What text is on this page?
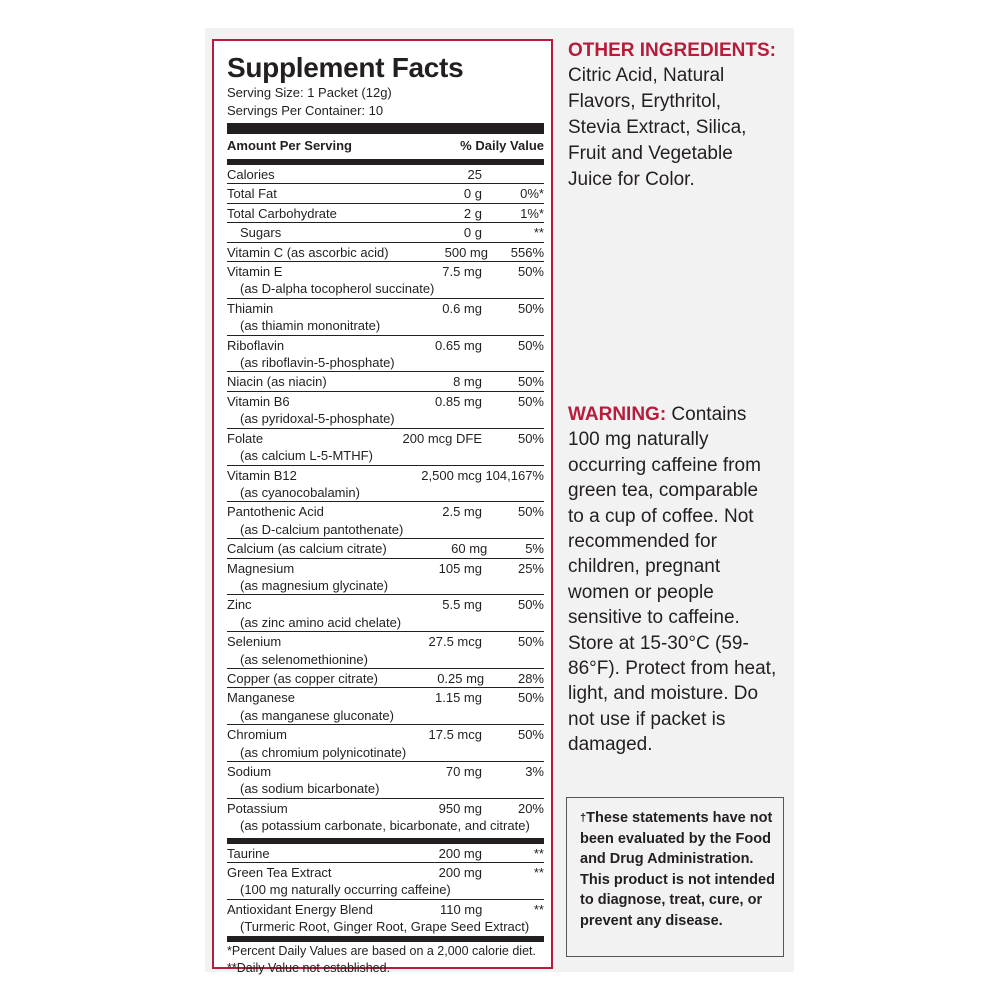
Supplement Facts
Serving Size: 1 Packet (12g)
Servings Per Container: 10
Amount Per Serving	% Daily Value
Calories	25
Total Fat	0 g	0%*
Total Carbohydrate	2 g	1%*
Sugars	0 g	**
Vitamin C (as ascorbic acid)	500 mg	556%
Vitamin E	7.5 mg	50%
(as D-alpha tocopherol succinate)
Thiamin	0.6 mg	50%
(as thiamin mononitrate)
Riboflavin	0.65 mg	50%
(as riboflavin-5-phosphate)
Niacin (as niacin)	8 mg	50%
Vitamin B6	0.85 mg	50%
(as pyridoxal-5-phosphate)
Folate	200 mcg DFE	50%
(as calcium L-5-MTHF)
Vitamin B12	2,500 mcg 104,167%
(as cyanocobalamin)
Pantothenic Acid	2.5 mg	50%
(as D-calcium pantothenate)
Calcium (as calcium citrate)	60 mg	5%
Magnesium	105 mg	25%
(as magnesium glycinate)
Zinc	5.5 mg	50%
(as zinc amino acid chelate)
Selenium	27.5 mcg	50%
(as selenomethionine)
Copper (as copper citrate)	0.25 mg	28%
Manganese	1.15 mg	50%
(as manganese gluconate)
Chromium	17.5 mcg	50%
(as chromium polynicotinate)
Sodium	70 mg	3%
(as sodium bicarbonate)
Potassium	950 mg	20%
(as potassium carbonate, bicarbonate, and citrate)
Taurine	200 mg	**
Green Tea Extract	200 mg	**
(100 mg naturally occurring caffeine)
Antioxidant Energy Blend	110 mg	**
(Turmeric Root, Ginger Root, Grape Seed Extract)
*Percent Daily Values are based on a 2,000 calorie diet.
**Daily Value not established.
OTHER INGREDIENTS:
Citric Acid, Natural Flavors, Erythritol, Stevia Extract, Silica, Fruit and Vegetable Juice for Color.
WARNING: Contains 100 mg naturally occurring caffeine from green tea, comparable to a cup of coffee. Not recommended for children, pregnant women or people sensitive to caffeine. Store at 15-30°C (59-86°F). Protect from heat, light, and moisture. Do not use if packet is damaged.
†These statements have not been evaluated by the Food and Drug Administration. This product is not intended to diagnose, treat, cure, or prevent any disease.
